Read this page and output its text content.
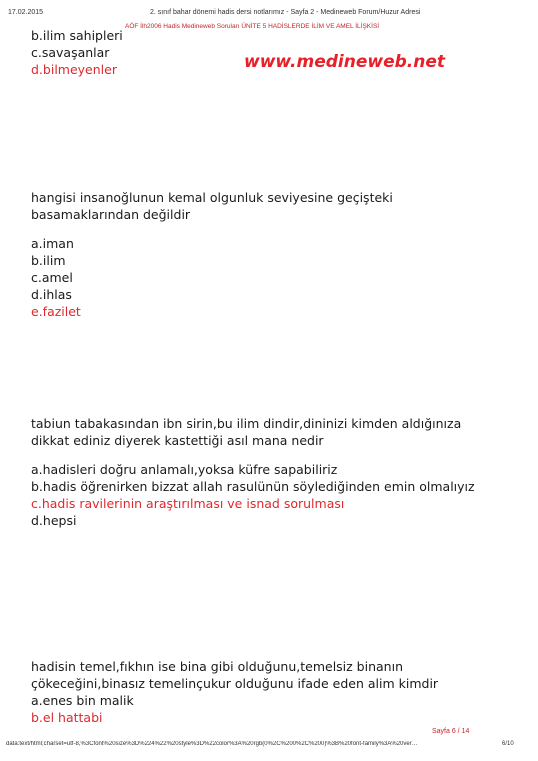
17.02.2015	2. sınıf bahar dönemi hadis dersi notlarımız - Sayfa 2 - Medineweb Forum/Huzur Adresi
AÖF İlh2006 Hadis Medineweb Soruları ÜNİTE 5 HADİSLERDE İLİM VE AMEL İLİŞKİSİ
www.medineweb.net

b.ilim sahipleri

c.savaşanlar

d.bilmeyenler

hangisi insanoğlunun kemal olgunluk seviyesine geçişteki

basamaklarından değildir

a.iman

b.ilim

c.amel

d.ihlas

e.fazilet

tabiun tabakasından ibn sirin,bu ilim dindir,dininizi kimden aldığınıza

dikkat ediniz diyerek kastettiği asıl mana nedir

a.hadisleri doğru anlamalı,yoksa küfre sapabiliriz

b.hadis öğrenirken bizzat allah rasulünün söylediğinden emin olmalıyız

c.hadis ravilerinin araştırılması ve isnad sorulması

d.hepsi

hadisin temel,fıkhın ise bina gibi olduğunu,temelsiz binanın

çökeceğini,binasız temelinçukur olduğunu ifade eden alim kimdir

a.enes bin malik

b.el hattabi

Sayfa 6 / 14
data:text/html;charset=utf-8,%3Cfont%20size%3D%224%22%20style%3D%22color%3A%20rgb(0%2C%200%2C%200)%3B%20font-family%3A%20ver…	6/10
